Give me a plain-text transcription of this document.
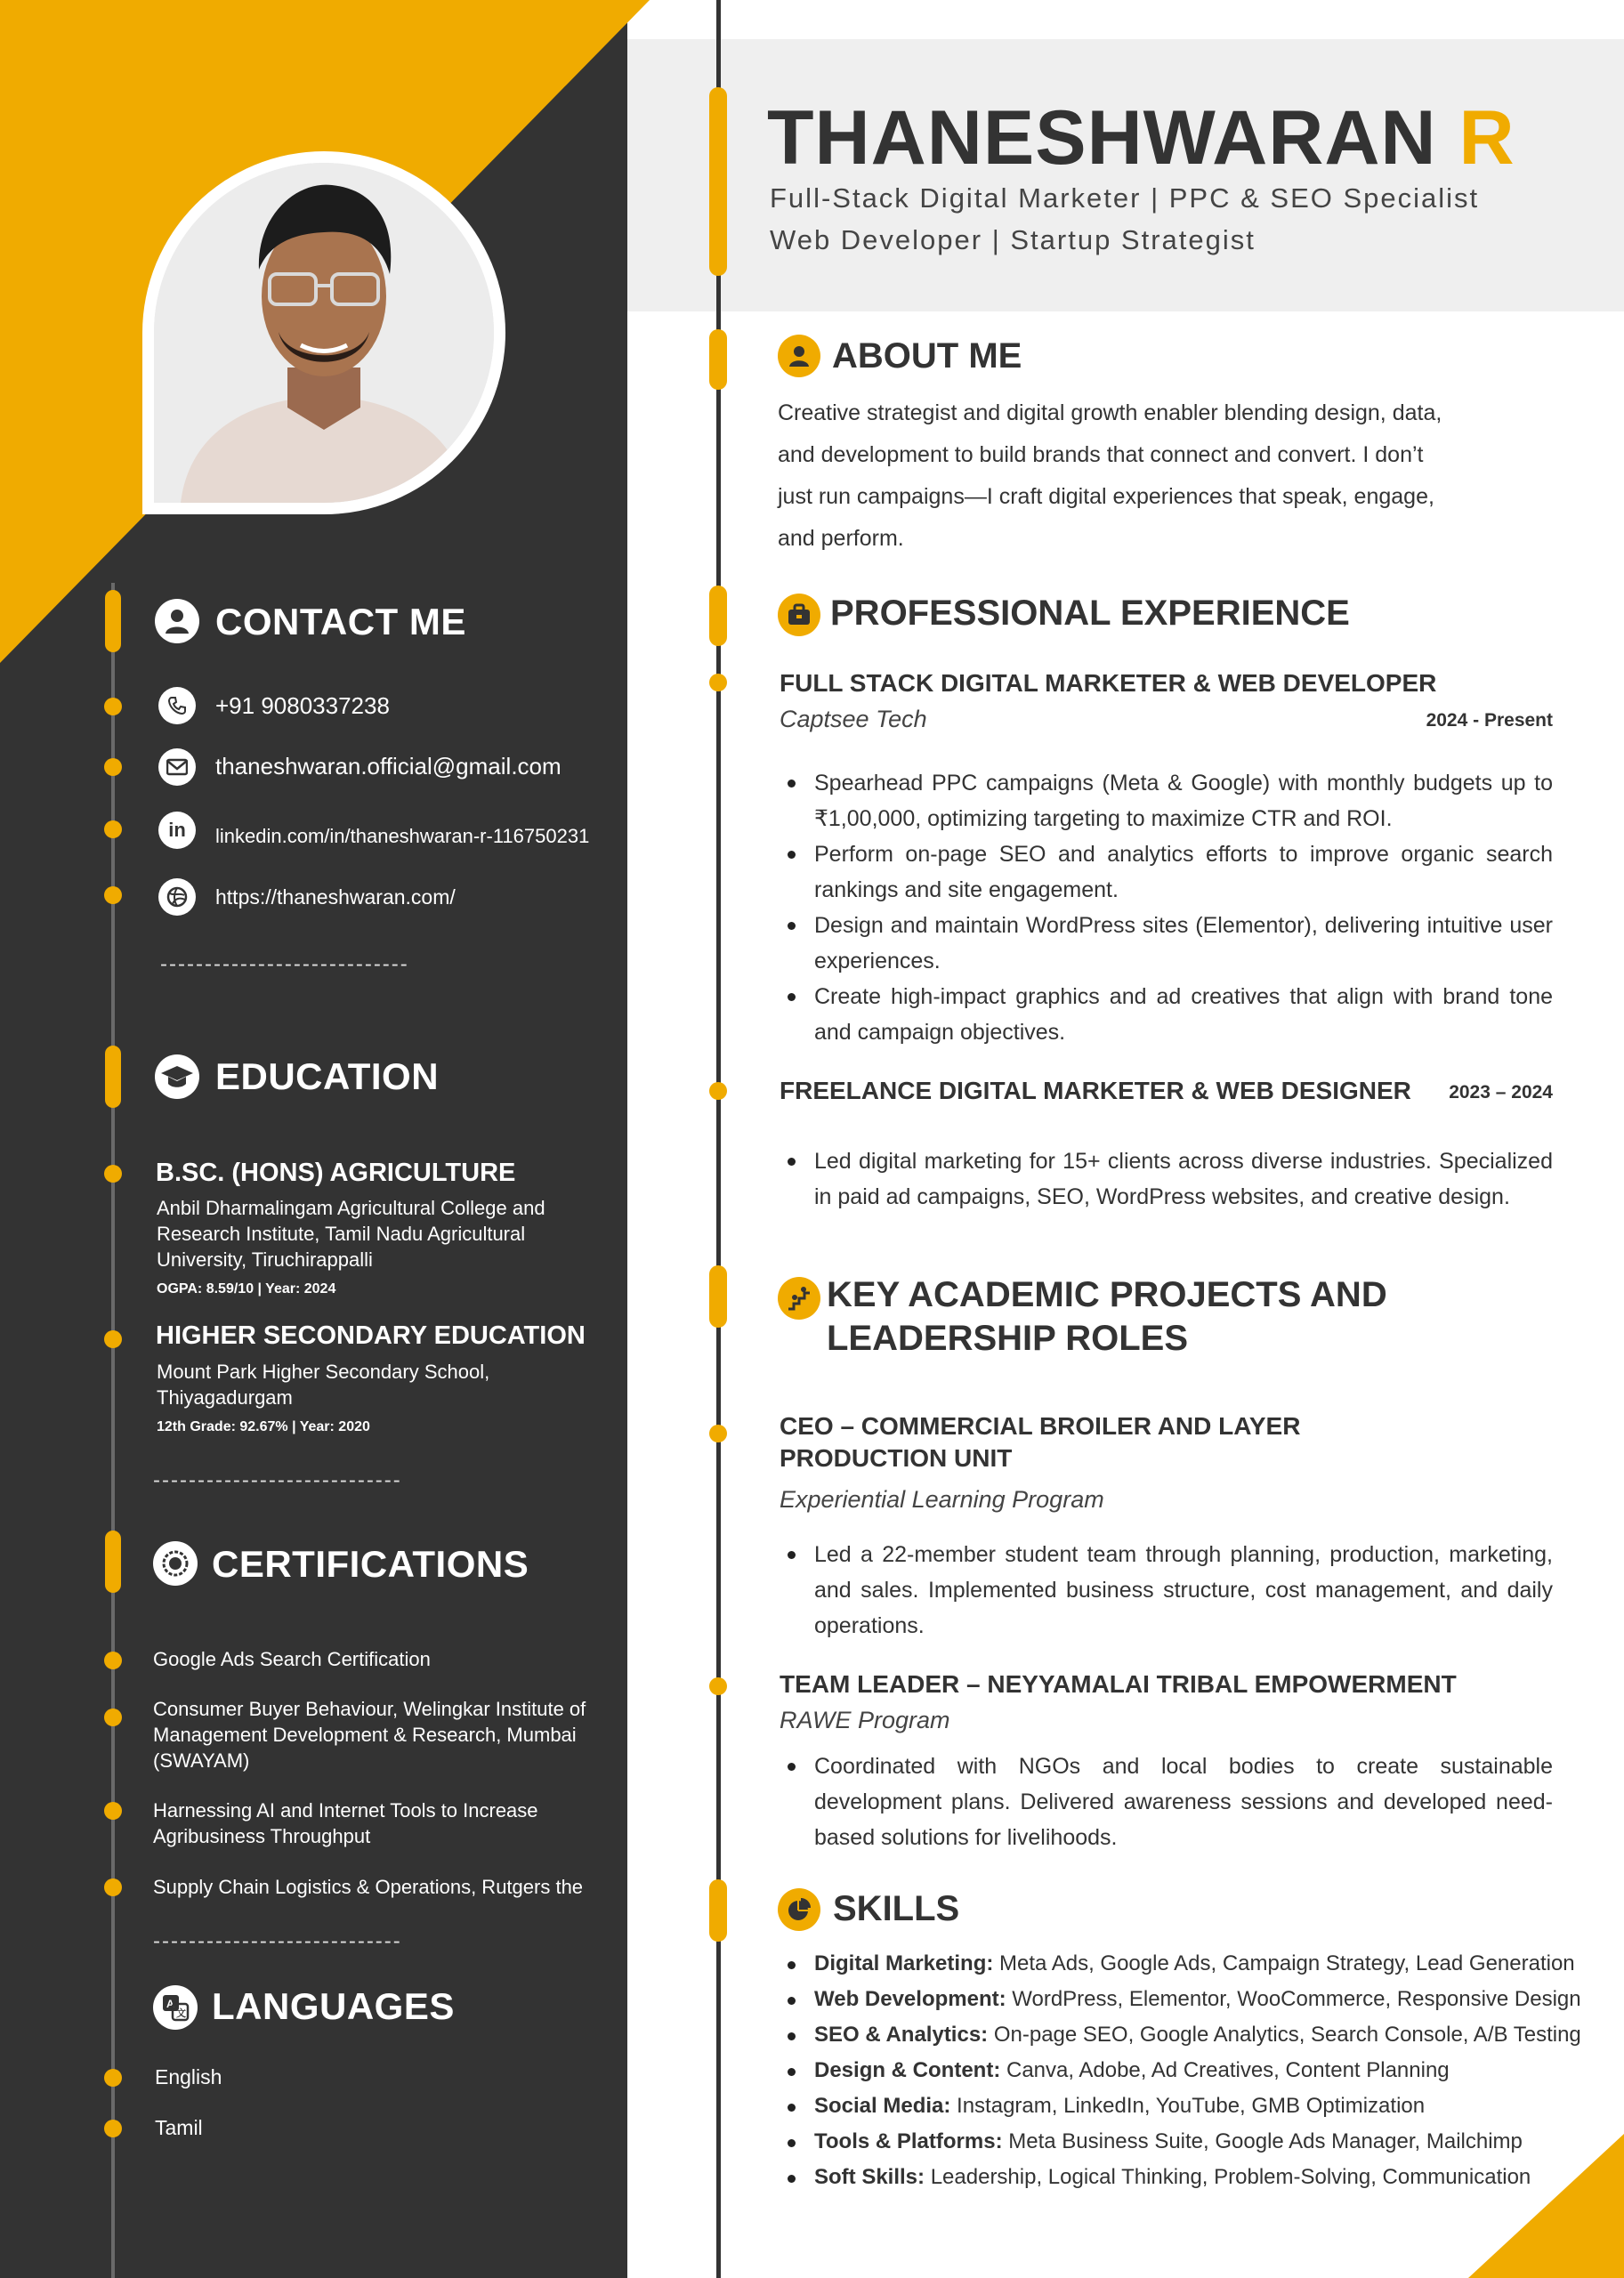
CONTACT ME
+91 9080337238
thaneshwaran.official@gmail.com
in linkedin.com/in/thaneshwaran-r-116750231
https://thaneshwaran.com/
----------------------------
EDUCATION
B.SC. (HONS) AGRICULTURE
Anbil Dharmalingam Agricultural College and
Research Institute, Tamil Nadu Agricultural
University, Tiruchirappalli
OGPA: 8.59/10 | Year: 2024
HIGHER SECONDARY EDUCATION
Mount Park Higher Secondary School,
Thiyagadurgam
12th Grade: 92.67% | Year: 2020
----------------------------
CERTIFICATIONS
Google Ads Search Certification
Consumer Buyer Behaviour, Welingkar Institute of
Management Development & Research, Mumbai
(SWAYAM)
Harnessing AI and Internet Tools to Increase
Agribusiness Throughput
Supply Chain Logistics & Operations, Rutgers the
----------------------------
A
文 LANGUAGES
English
Tamil
THANESHWARAN R
Full-Stack Digital Marketer | PPC & SEO Specialist
Web Developer | Startup Strategist
ABOUT ME
Creative strategist and digital growth enabler blending design, data,
and development to build brands that connect and convert. I don’t
just run campaigns—I craft digital experiences that speak, engage,
and perform.
PROFESSIONAL EXPERIENCE
FULL STACK DIGITAL MARKETER & WEB DEVELOPER
Captsee Tech	2024 - Present
Spearhead PPC campaigns (Meta & Google) with monthly budgets up to ₹1,00,000, optimizing targeting to maximize CTR and ROI.
Perform on-page SEO and analytics efforts to improve organic search rankings and site engagement.
Design and maintain WordPress sites (Elementor), delivering intuitive user experiences.
Create high-impact graphics and ad creatives that align with brand tone and campaign objectives.
FREELANCE DIGITAL MARKETER & WEB DESIGNER	2023 – 2024
Led digital marketing for 15+ clients across diverse industries. Specialized in paid ad campaigns, SEO, WordPress websites, and creative design.
KEY ACADEMIC PROJECTS AND
LEADERSHIP ROLES
CEO – COMMERCIAL BROILER AND LAYER
PRODUCTION UNIT
Experiential Learning Program
Led a 22-member student team through planning, production, marketing, and sales. Implemented business structure, cost management, and daily operations.
TEAM LEADER – NEYYAMALAI TRIBAL EMPOWERMENT
RAWE Program
Coordinated with NGOs and local bodies to create sustainable development plans. Delivered awareness sessions and developed need-based solutions for livelihoods.
SKILLS
Digital Marketing: Meta Ads, Google Ads, Campaign Strategy, Lead Generation
Web Development: WordPress, Elementor, WooCommerce, Responsive Design
SEO & Analytics: On-page SEO, Google Analytics, Search Console, A/B Testing
Design & Content: Canva, Adobe, Ad Creatives, Content Planning
Social Media: Instagram, LinkedIn, YouTube, GMB Optimization
Tools & Platforms: Meta Business Suite, Google Ads Manager, Mailchimp
Soft Skills: Leadership, Logical Thinking, Problem-Solving, Communication
